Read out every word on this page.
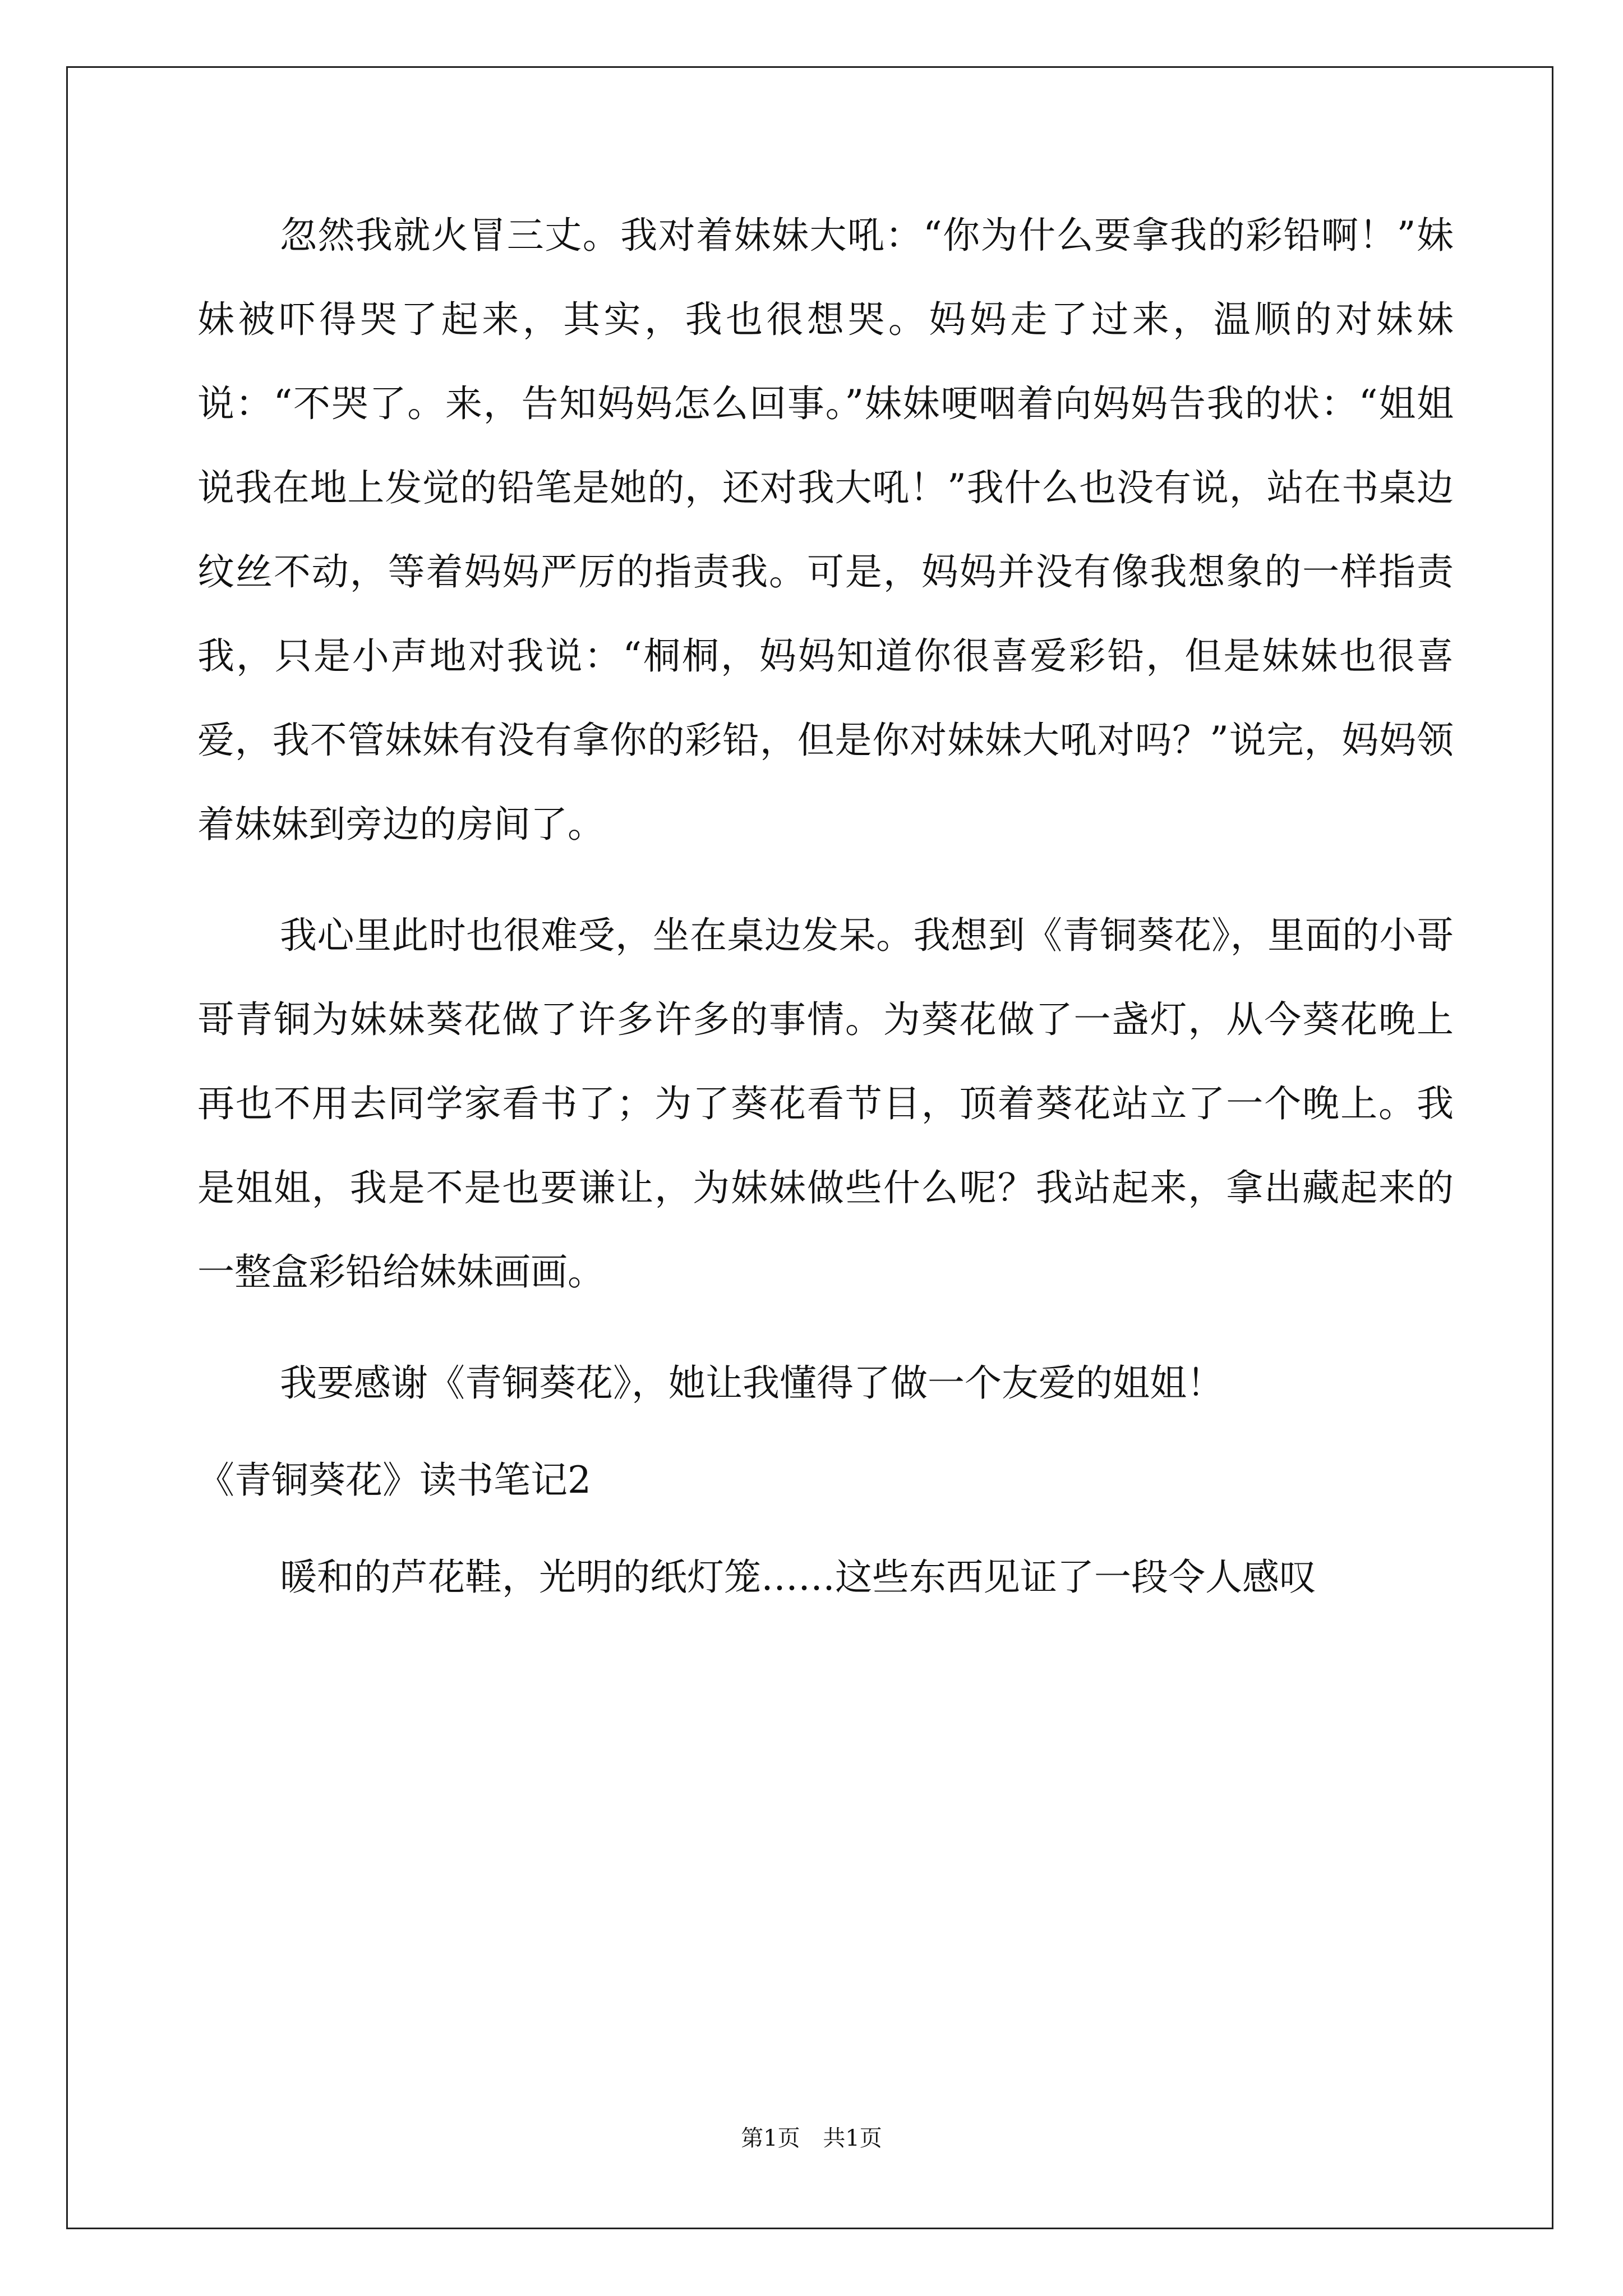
忽然我就火冒三丈。我对着妹妹大吼：“你为什么要拿我的彩铅啊！”妹妹被吓得哭了起来，其实，我也很想哭。妈妈走了过来，温顺的对妹妹说：“不哭了。来，告知妈妈怎么回事。”妹妹哽咽着向妈妈告我的状：“姐姐说我在地上发觉的铅笔是她的，还对我大吼！”我什么也没有说，站在书桌边纹丝不动，等着妈妈严厉的指责我。可是，妈妈并没有像我想象的一样指责我，只是小声地对我说：“桐桐，妈妈知道你很喜爱彩铅，但是妹妹也很喜爱，我不管妹妹有没有拿你的彩铅，但是你对妹妹大吼对吗？”说完，妈妈领着妹妹到旁边的房间了。

我心里此时也很难受，坐在桌边发呆。我想到《青铜葵花》，里面的小哥哥青铜为妹妹葵花做了许多许多的事情。为葵花做了一盏灯，从今葵花晚上再也不用去同学家看书了；为了葵花看节目，顶着葵花站立了一个晚上。我是姐姐，我是不是也要谦让，为妹妹做些什么呢？我站起来，拿出藏起来的一整盒彩铅给妹妹画画。

我要感谢《青铜葵花》，她让我懂得了做一个友爱的姐姐！

《青铜葵花》读书笔记2

暖和的芦花鞋，光明的纸灯笼……这些东西见证了一段令人感叹

第1页 共1页
